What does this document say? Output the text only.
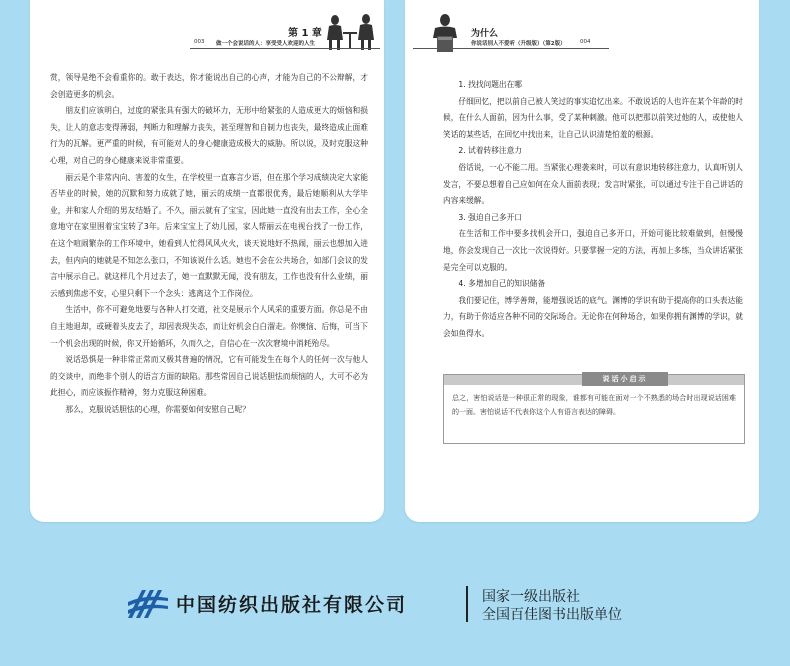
第 1 章
003 做一个会说话的人：享受受人欢迎的人生

赏，领导是绝不会看重你的。敢于表达，你才能说出自己的心声，才能为自己的不公辩解，才会创造更多的机会。

朋友们应该明白，过度的紧张具有强大的破坏力，无形中给紧张的人造成更大的烦恼和损失，让人的意志变得薄弱，判断力和理解力丧失，甚至理智和自制力也丧失，最终造成止面难行为的瓦解。更严重的时候，有可能对人的身心健康造成极大的威胁。所以说，及时克服这种心理，对自己的身心健康来说非常重要。

丽云是个非常内向、害羞的女生，在学校里一直寡言少语，但在那个学习成绩决定大家能否毕业的时候，她的沉默和努力成就了她，丽云的成绩一直都很优秀，最后她顺利从大学毕业，并和家人介绍的男友结婚了。不久，丽云就有了宝宝，因此她一直没有出去工作，全心全意地守在家里围着宝宝转了3年。后来宝宝上了幼儿园，家人帮丽云在电视台找了一份工作，在这个喧闹繁杂的工作环境中，她看到人忙得风风火火，谈天说地好不热闹，丽云也想加入进去，但内向的她就是不知怎么张口，不知该说什么话。她也不会在公共场合，如部门会议的发言中展示自己。就这样几个月过去了，她一直默默无闻，没有朋友，工作也没有什么业绩，丽云感到焦虑不安，心里只剩下一个念头：逃离这个工作岗位。

生活中，你不可避免地要与各种人打交道，社交是展示个人风采的重要方面。你总是不由自主地退却，或硬着头皮去了，却因表现失态，而让好机会白白溜走。你懊恼、后悔，可当下一个机会出现的时候，你又开始循环，久而久之，自信心在一次次窘境中消耗殆尽。

说话恐惧是一种非常正常而又极其普遍的情况，它有可能发生在每个人的任何一次与他人的交谈中，而绝非个别人的语言方面的缺陷。那些常因自己说话胆怯而烦恼的人，大可不必为此担心，而应该振作精神，努力克服这种困难。

那么，克服说话胆怯的心理，你需要如何安慰自己呢？

为什么
你说话别人不爱听（升级版）（第2版）	004

1. 找找问题出在哪

仔细回忆，把以前自己被人笑过的事实追忆出来。不敢说话的人也许在某个年龄的时候，在什么人面前，因为什么事，受了某种刺激。他可以把那以前笑过他的人，或使他人笑话的某些话，在回忆中找出来，让自己认识清楚怕羞的根源。

2. 试着转移注意力

俗话说，一心不能二用。当紧张心理袭来时，可以有意识地转移注意力，认真听别人发言，不要总想着自己应如何在众人面前表现；发言时紧张，可以通过专注于自己讲话的内容来缓解。

3. 强迫自己多开口

在生活和工作中要多找机会开口，强迫自己多开口，开始可能比较难做到，但慢慢地，你会发现自己一次比一次说得好。只要掌握一定的方法，再加上多练，当众讲话紧张是完全可以克服的。

4. 多增加自己的知识储备

我们要记住，博学善辩，能增强说话的底气。渊博的学识有助于提高你的口头表达能力，有助于你适应各种不同的交际场合。无论你在何种场合，如果你拥有渊博的学识，就会如鱼得水。

说话小启示
总之，害怕说话是一种很正常的现象，谁都有可能在面对一个不熟悉的场合时出现说话困难的一面。害怕说话不代表你这个人有语言表达的障碍。
中国纺织出版社有限公司	国家一级出版社
全国百佳图书出版单位
